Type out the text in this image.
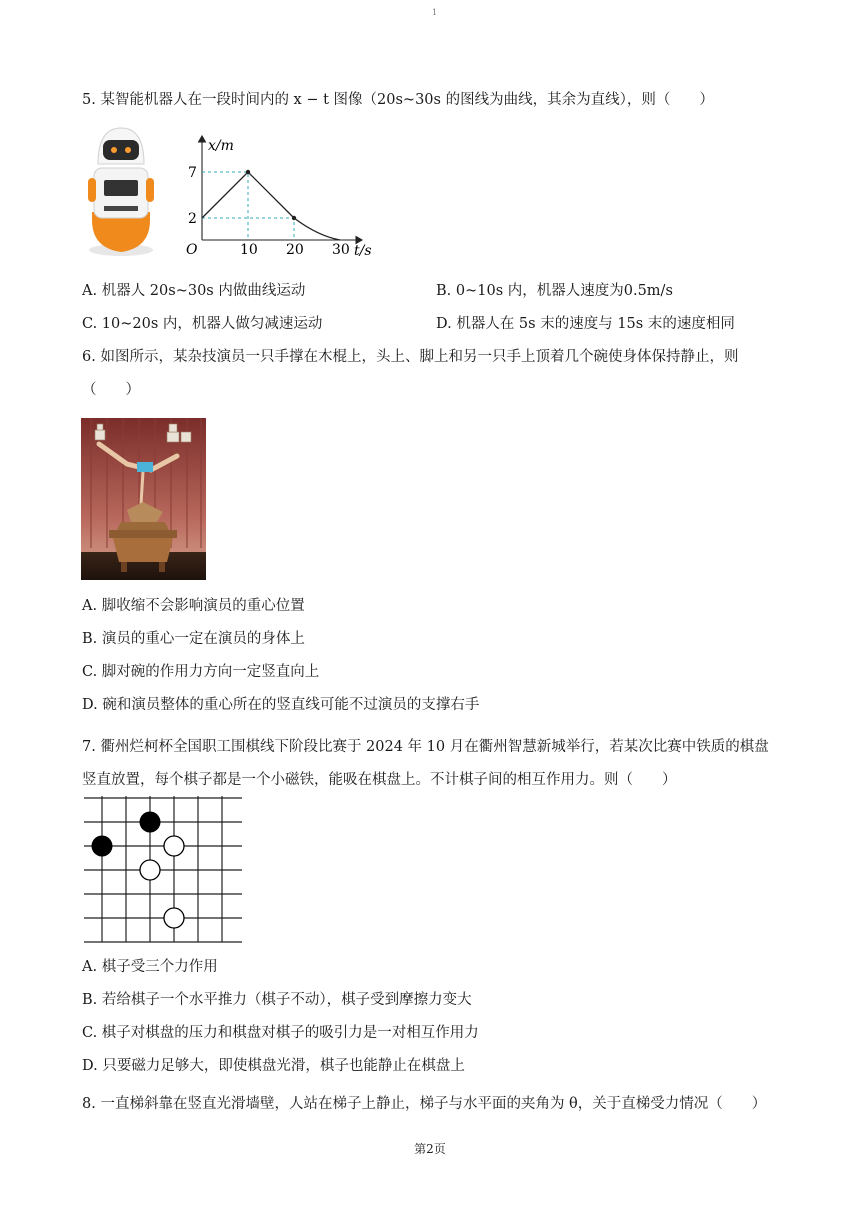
1
5. 某智能机器人在一段时间内的 x − t 图像（20s~30s 的图线为曲线，其余为直线），则（　　）
x/m
7
2
O	10 20 30 t/s
A. 机器人 20s~30s 内做曲线运动	B. 0~10s 内，机器人速度为0.5m/s
C. 10~20s 内，机器人做匀减速运动	D. 机器人在 5s 末的速度与 15s 末的速度相同
6. 如图所示，某杂技演员一只手撑在木棍上，头上、脚上和另一只手上顶着几个碗使身体保持静止，则
（　　）
A. 脚收缩不会影响演员的重心位置
B. 演员的重心一定在演员的身体上
C. 脚对碗的作用力方向一定竖直向上
D. 碗和演员整体的重心所在的竖直线可能不过演员的支撑右手
7. 衢州烂柯杯全国职工围棋线下阶段比赛于 2024 年 10 月在衢州智慧新城举行，若某次比赛中铁质的棋盘
竖直放置，每个棋子都是一个小磁铁，能吸在棋盘上。不计棋子间的相互作用力。则（　　）
A. 棋子受三个力作用
B. 若给棋子一个水平推力（棋子不动），棋子受到摩擦力变大
C. 棋子对棋盘的压力和棋盘对棋子的吸引力是一对相互作用力
D. 只要磁力足够大，即使棋盘光滑，棋子也能静止在棋盘上
8. 一直梯斜靠在竖直光滑墙壁，人站在梯子上静止，梯子与水平面的夹角为 θ，关于直梯受力情况（　　）
第2页
